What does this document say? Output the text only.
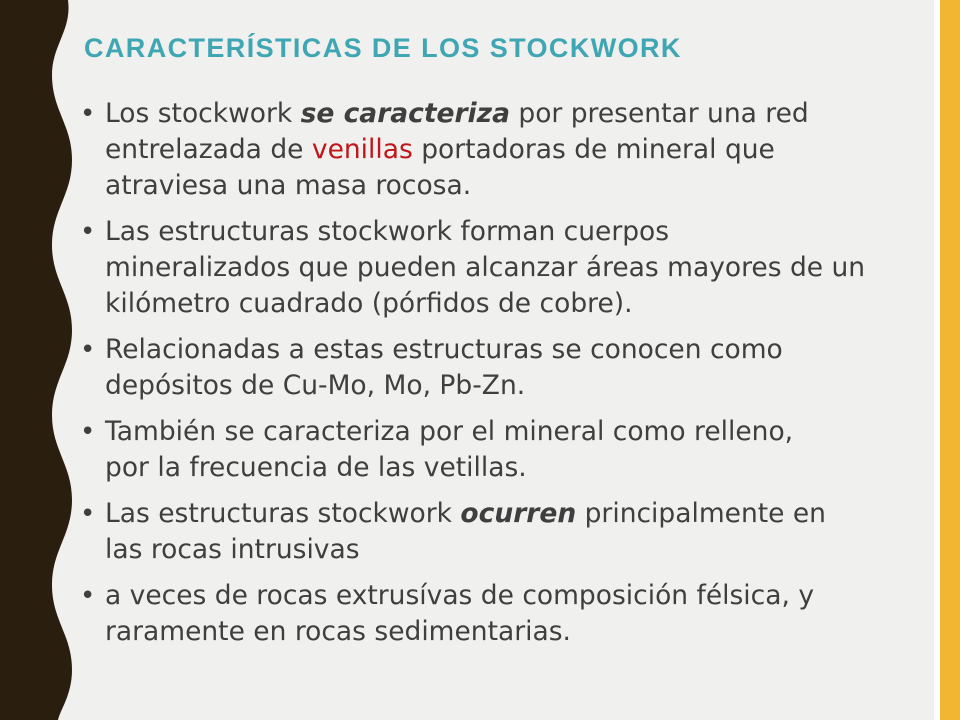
CARACTERÍSTICAS DE LOS STOCKWORK
• Los stockwork se caracteriza por presentar una red
entrelazada de venillas portadoras de mineral que
atraviesa una masa rocosa.
• Las estructuras stockwork forman cuerpos
mineralizados que pueden alcanzar áreas mayores de un
kilómetro cuadrado (pórfidos de cobre).
• Relacionadas a estas estructuras se conocen como
depósitos de Cu-Mo, Mo, Pb-Zn.
• También se caracteriza por el mineral como relleno,
por la frecuencia de las vetillas.
• Las estructuras stockwork ocurren principalmente en
las rocas intrusivas
• a veces de rocas extrusívas de composición félsica, y
raramente en rocas sedimentarias.
